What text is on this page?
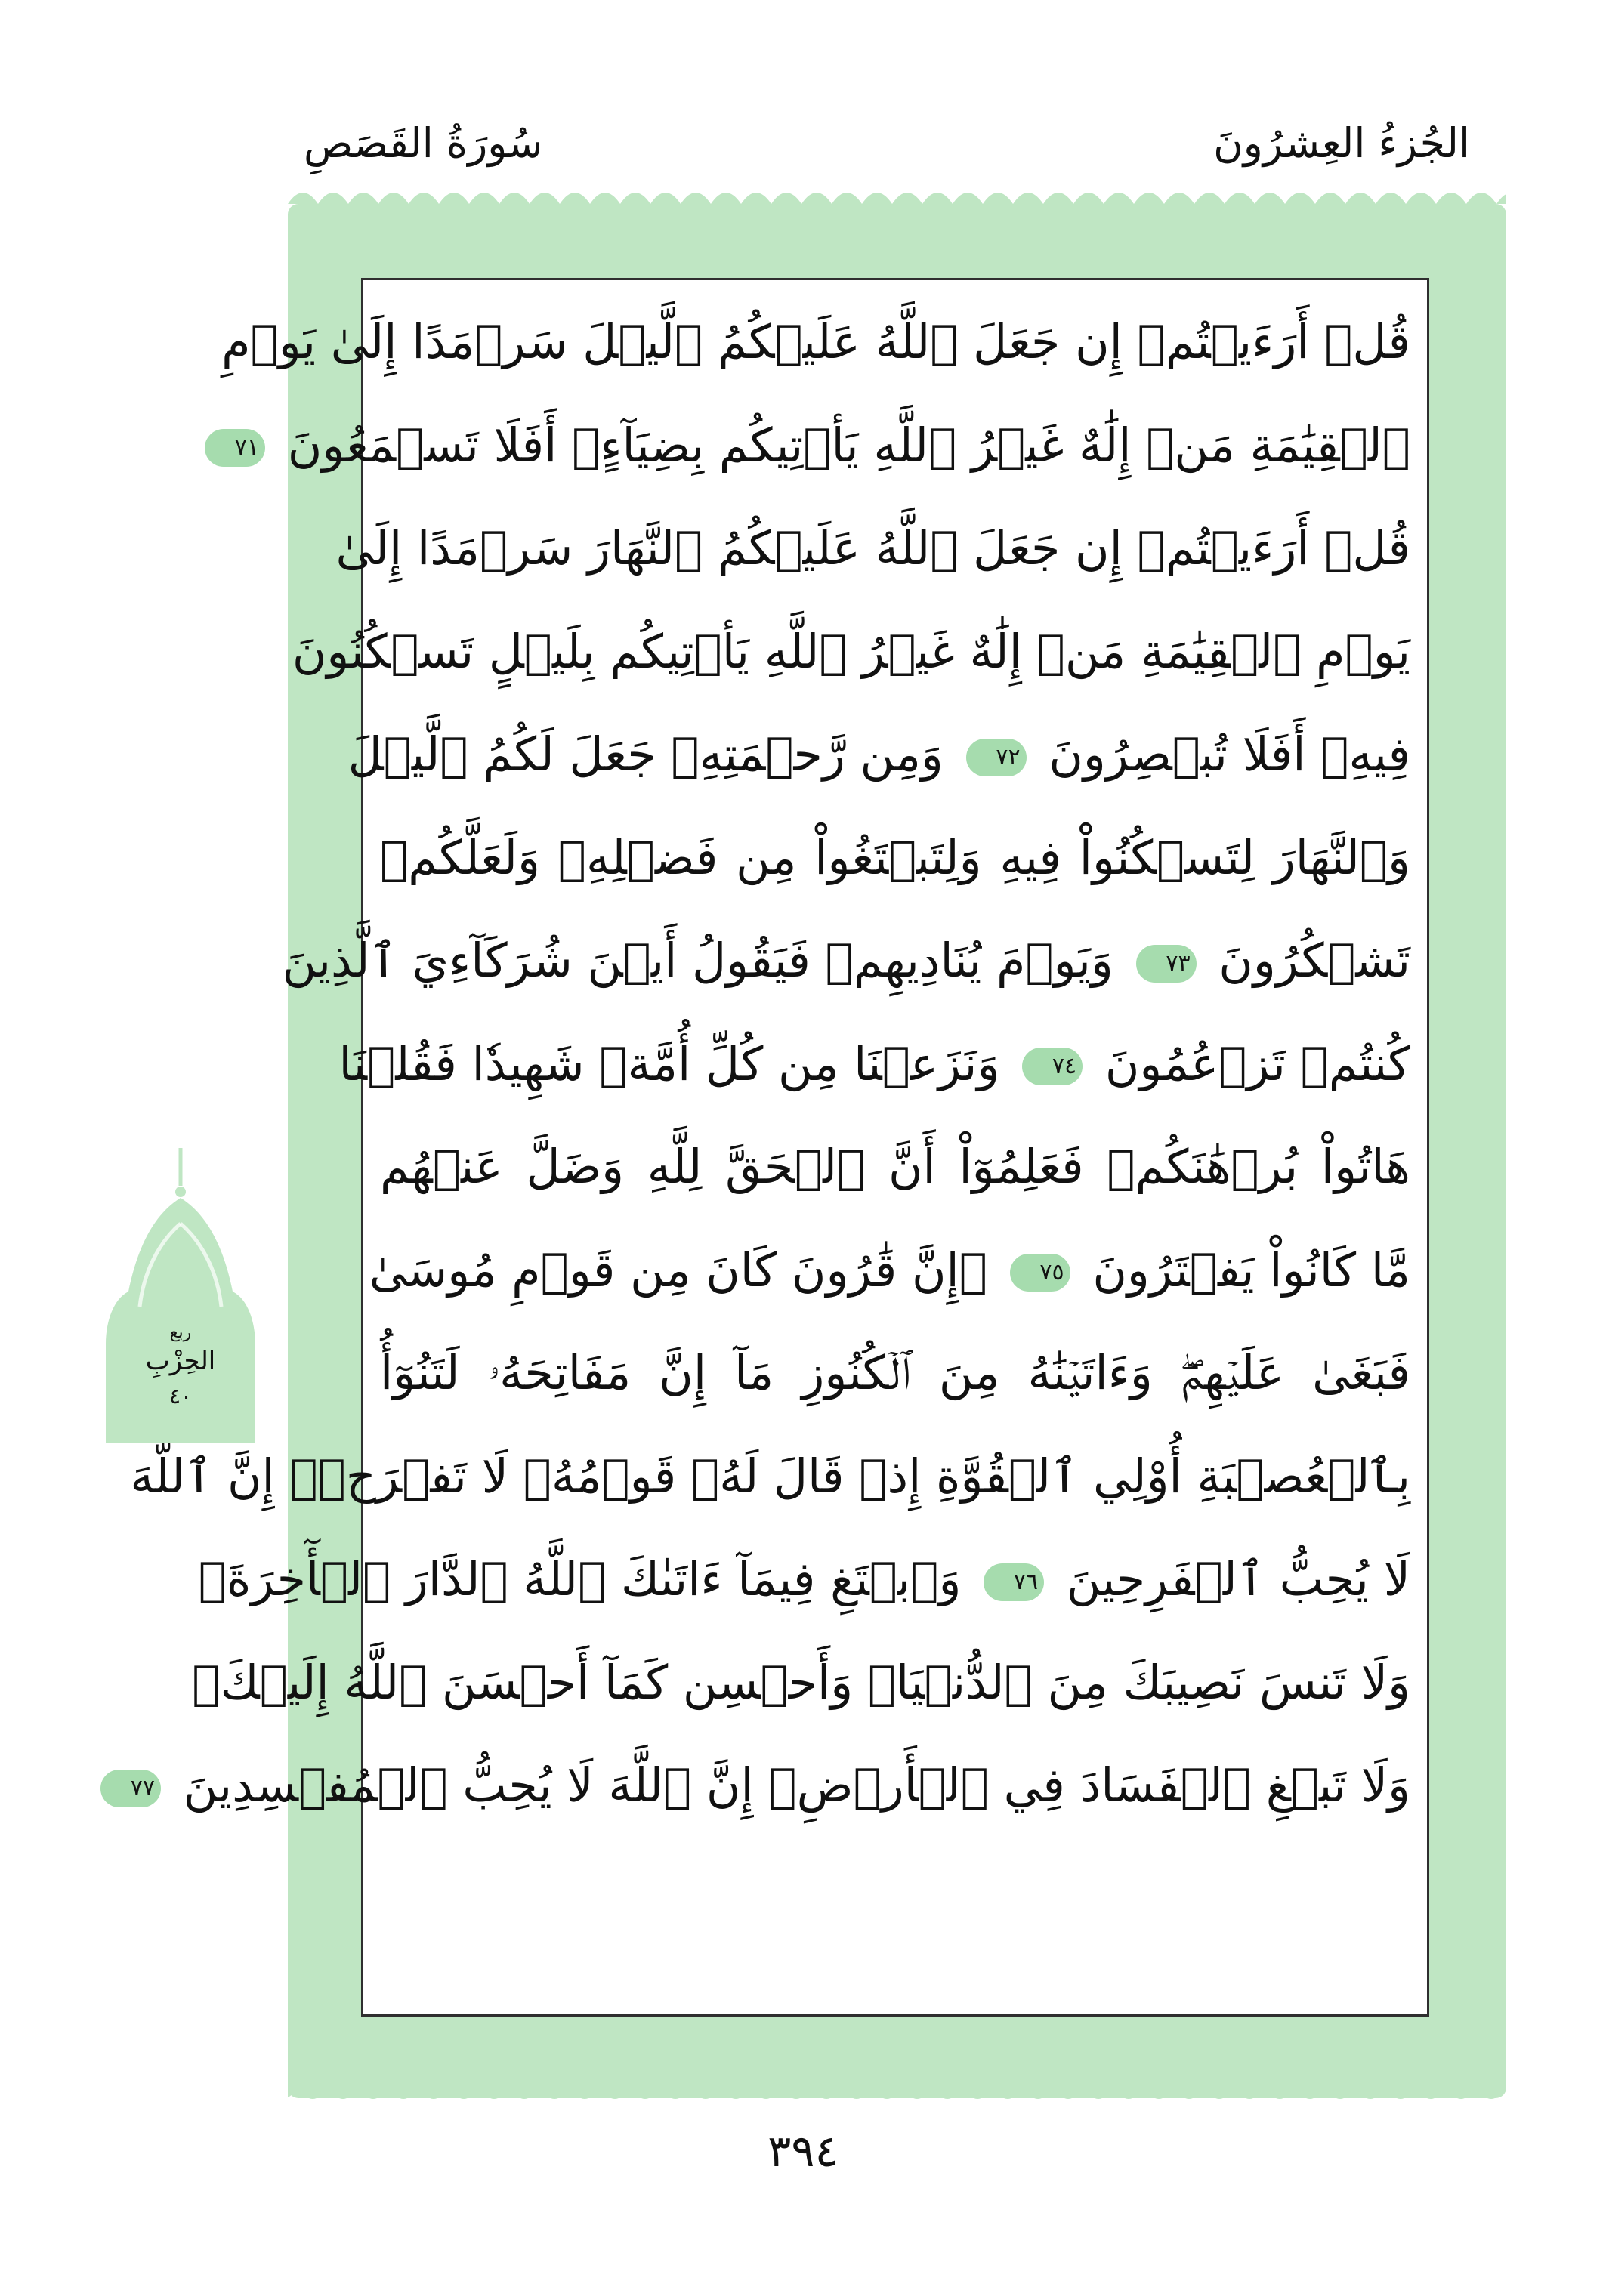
الجُزءُ العِشرُونَ
سُورَةُ القَصَصِ
قُلۡ أَرَءَيۡتُمۡ إِن جَعَلَ ٱللَّهُ عَلَيۡكُمُ ٱلَّيۡلَ سَرۡمَدًا إِلَىٰ يَوۡمِ
ٱلۡقِيَٰمَةِ مَنۡ إِلَٰهٌ غَيۡرُ ٱللَّهِ يَأۡتِيكُم بِضِيَآءٍۚ أَفَلَا تَسۡمَعُونَ ٧١
قُلۡ أَرَءَيۡتُمۡ إِن جَعَلَ ٱللَّهُ عَلَيۡكُمُ ٱلنَّهَارَ سَرۡمَدًا إِلَىٰ
يَوۡمِ ٱلۡقِيَٰمَةِ مَنۡ إِلَٰهٌ غَيۡرُ ٱللَّهِ يَأۡتِيكُم بِلَيۡلٍ تَسۡكُنُونَ
فِيهِۚ أَفَلَا تُبۡصِرُونَ ٧٢ وَمِن رَّحۡمَتِهِۦ جَعَلَ لَكُمُ ٱلَّيۡلَ
وَٱلنَّهَارَ لِتَسۡكُنُواْ فِيهِ وَلِتَبۡتَغُواْ مِن فَضۡلِهِۦ وَلَعَلَّكُمۡ
تَشۡكُرُونَ ٧٣ وَيَوۡمَ يُنَادِيهِمۡ فَيَقُولُ أَيۡنَ شُرَكَآءِيَ ٱلَّذِينَ
كُنتُمۡ تَزۡعُمُونَ ٧٤ وَنَزَعۡنَا مِن كُلِّ أُمَّةٖ شَهِيدٗا فَقُلۡنَا
هَاتُواْ بُرۡهَٰنَكُمۡ فَعَلِمُوٓاْ أَنَّ ٱلۡحَقَّ لِلَّهِ وَضَلَّ عَنۡهُم
مَّا كَانُواْ يَفۡتَرُونَ ٧٥ ۞إِنَّ قَٰرُونَ كَانَ مِن قَوۡمِ مُوسَىٰ
فَبَغَىٰ عَلَيۡهِمۡۖ وَءَاتَيۡنَٰهُ مِنَ ٱلۡكُنُوزِ مَآ إِنَّ مَفَاتِحَهُۥ لَتَنُوٓأُ
بِٱلۡعُصۡبَةِ أُوْلِي ٱلۡقُوَّةِ إِذۡ قَالَ لَهُۥ قَوۡمُهُۥ لَا تَفۡرَحۡۖ إِنَّ ٱللَّهَ
لَا يُحِبُّ ٱلۡفَرِحِينَ ٧٦ وَٱبۡتَغِ فِيمَآ ءَاتَىٰكَ ٱللَّهُ ٱلدَّارَ ٱلۡأٓخِرَةَۖ
وَلَا تَنسَ نَصِيبَكَ مِنَ ٱلدُّنۡيَاۖ وَأَحۡسِن كَمَآ أَحۡسَنَ ٱللَّهُ إِلَيۡكَۖ
وَلَا تَبۡغِ ٱلۡفَسَادَ فِي ٱلۡأَرۡضِۖ إِنَّ ٱللَّهَ لَا يُحِبُّ ٱلۡمُفۡسِدِينَ ٧٧
ربع
الحِزْبِ
٤٠
٣٩٤
